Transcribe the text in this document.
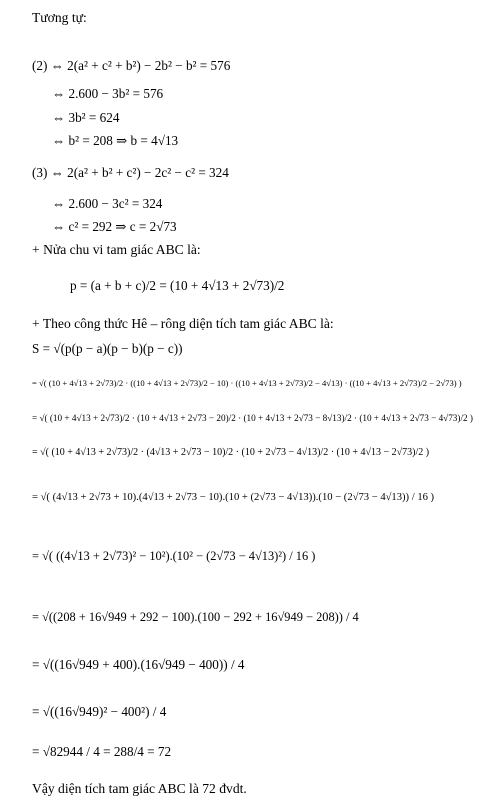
Tương tự:
(2) ⇔ 2(a² + c² + b²) − 2b² − b² = 576
⇔ 2.600 − 3b² = 576
⇔ 3b² = 624
⇔ b² = 208 ⇒ b = 4√13
(3) ⇔ 2(a² + b² + c²) − 2c² − c² = 324
⇔ 2.600 − 3c² = 324
⇔ c² = 292 ⇒ c = 2√73
+ Nửa chu vi tam giác ABC là:
p = (a + b + c)/2 = (10 + 4√13 + 2√73)/2
+ Theo công thức Hê – rông diện tích tam giác ABC là:
S = √(p(p − a)(p − b)(p − c))
= √( (10 + 4√13 + 2√73)/2 · ((10 + 4√13 + 2√73)/2 − 10) · ((10 + 4√13 + 2√73)/2 − 4√13) · ((10 + 4√13 + 2√73)/2 − 2√73) )
= √( (10 + 4√13 + 2√73)/2 · (10 + 4√13 + 2√73 − 20)/2 · (10 + 4√13 + 2√73 − 8√13)/2 · (10 + 4√13 + 2√73 − 4√73)/2 )
= √( (10 + 4√13 + 2√73)/2 · (4√13 + 2√73 − 10)/2 · (10 + 2√73 − 4√13)/2 · (10 + 4√13 − 2√73)/2 )
= √( (4√13 + 2√73 + 10).(4√13 + 2√73 − 10).(10 + (2√73 − 4√13)).(10 − (2√73 − 4√13)) / 16 )
= √( ((4√13 + 2√73)² − 10²).(10² − (2√73 − 4√13)²) / 16 )
= √((208 + 16√949 + 292 − 100).(100 − 292 + 16√949 − 208)) / 4
= √((16√949 + 400).(16√949 − 400)) / 4
= √((16√949)² − 400²) / 4
= √82944 / 4 = 288/4 = 72
Vậy diện tích tam giác ABC là 72 đvdt.
